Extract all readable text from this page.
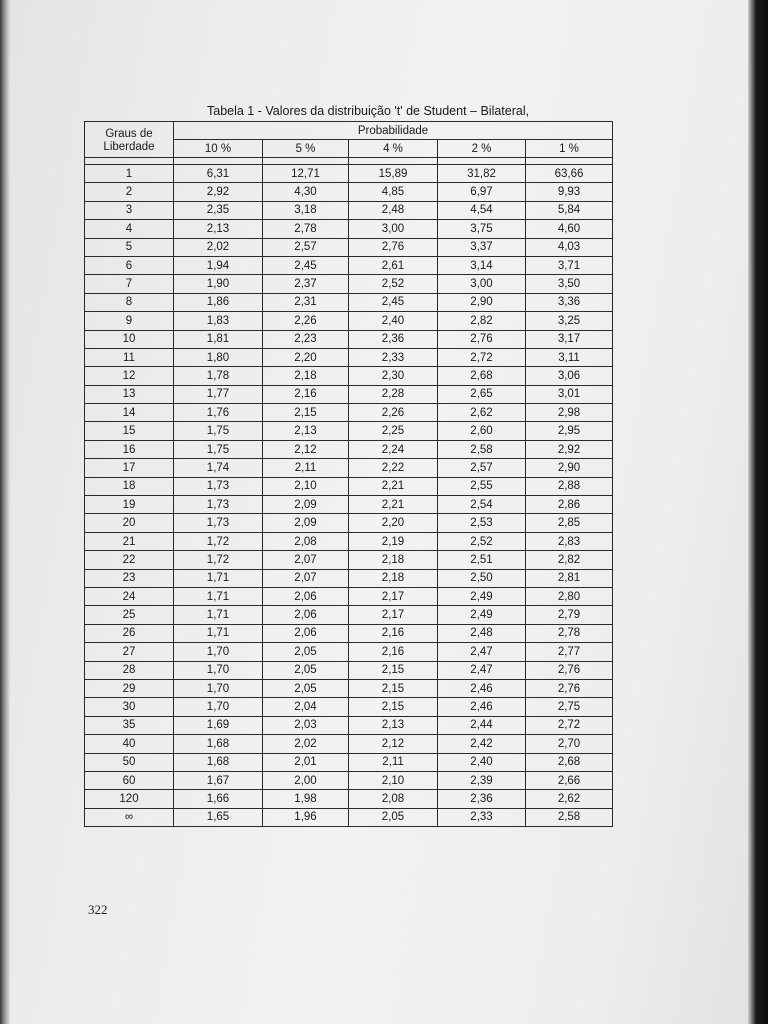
Tabela 1 - Valores da distribuição 't' de Student – Bilateral,
Graus de
Liberdade	Probabilidade				
	10 %	5 %	4 %	2 %	1 %

1	6,31	12,71	15,89	31,82	63,66
2	2,92	4,30	4,85	6,97	9,93
3	2,35	3,18	2,48	4,54	5,84
4	2,13	2,78	3,00	3,75	4,60
5	2,02	2,57	2,76	3,37	4,03
6	1,94	2,45	2,61	3,14	3,71
7	1,90	2,37	2,52	3,00	3,50
8	1,86	2,31	2,45	2,90	3,36
9	1,83	2,26	2,40	2,82	3,25
10	1,81	2,23	2,36	2,76	3,17
11	1,80	2,20	2,33	2,72	3,11
12	1,78	2,18	2,30	2,68	3,06
13	1,77	2,16	2,28	2,65	3,01
14	1,76	2,15	2,26	2,62	2,98
15	1,75	2,13	2,25	2,60	2,95
16	1,75	2,12	2,24	2,58	2,92
17	1,74	2,11	2,22	2,57	2,90
18	1,73	2,10	2,21	2,55	2,88
19	1,73	2,09	2,21	2,54	2,86
20	1,73	2,09	2,20	2,53	2,85
21	1,72	2,08	2,19	2,52	2,83
22	1,72	2,07	2,18	2,51	2,82
23	1,71	2,07	2,18	2,50	2,81
24	1,71	2,06	2,17	2,49	2,80
25	1,71	2,06	2,17	2,49	2,79
26	1,71	2,06	2,16	2,48	2,78
27	1,70	2,05	2,16	2,47	2,77
28	1,70	2,05	2,15	2,47	2,76
29	1,70	2,05	2,15	2,46	2,76
30	1,70	2,04	2,15	2,46	2,75
35	1,69	2,03	2,13	2,44	2,72
40	1,68	2,02	2,12	2,42	2,70
50	1,68	2,01	2,11	2,40	2,68
60	1,67	2,00	2,10	2,39	2,66
120	1,66	1,98	2,08	2,36	2,62
∞	1,65	1,96	2,05	2,33	2,58
322
